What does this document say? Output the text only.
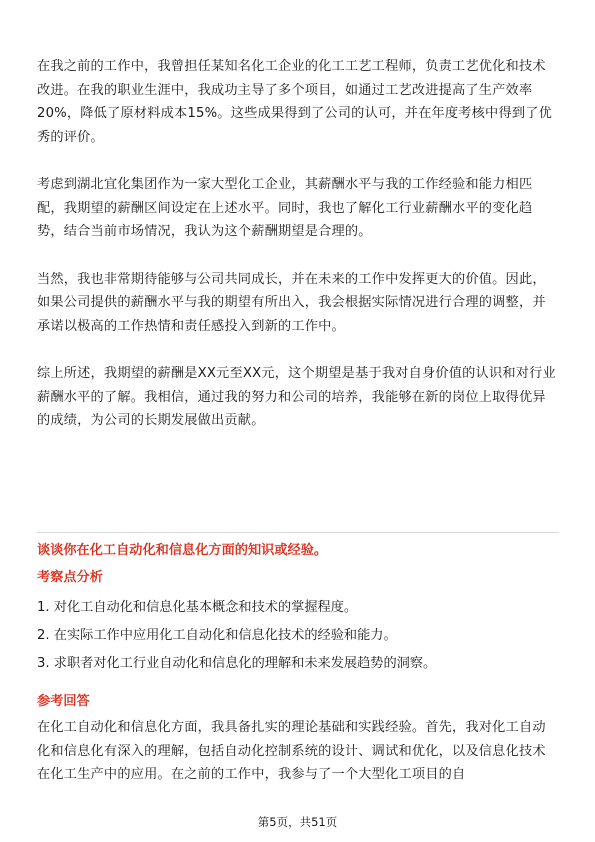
在我之前的工作中，我曾担任某知名化工企业的化工工艺工程师，负责工艺优化和技术改进。在我的职业生涯中，我成功主导了多个项目，如通过工艺改进提高了生产效率20%，降低了原材料成本15%。这些成果得到了公司的认可，并在年度考核中得到了优秀的评价。

考虑到湖北宜化集团作为一家大型化工企业，其薪酬水平与我的工作经验和能力相匹配，我期望的薪酬区间设定在上述水平。同时，我也了解化工行业薪酬水平的变化趋势，结合当前市场情况，我认为这个薪酬期望是合理的。

当然，我也非常期待能够与公司共同成长，并在未来的工作中发挥更大的价值。因此，如果公司提供的薪酬水平与我的期望有所出入，我会根据实际情况进行合理的调整，并承诺以极高的工作热情和责任感投入到新的工作中。

综上所述，我期望的薪酬是XX元至XX元，这个期望是基于我对自身价值的认识和对行业薪酬水平的了解。我相信，通过我的努力和公司的培养，我能够在新的岗位上取得优异的成绩，为公司的长期发展做出贡献。

谈谈你在化工自动化和信息化方面的知识或经验。

考察点分析

1. 对化工自动化和信息化基本概念和技术的掌握程度。
2. 在实际工作中应用化工自动化和信息化技术的经验和能力。
3. 求职者对化工行业自动化和信息化的理解和未来发展趋势的洞察。

参考回答

在化工自动化和信息化方面，我具备扎实的理论基础和实践经验。首先，我对化工自动化和信息化有深入的理解，包括自动化控制系统的设计、调试和优化，以及信息化技术在化工生产中的应用。在之前的工作中，我参与了一个大型化工项目的自

第5页，共51页
